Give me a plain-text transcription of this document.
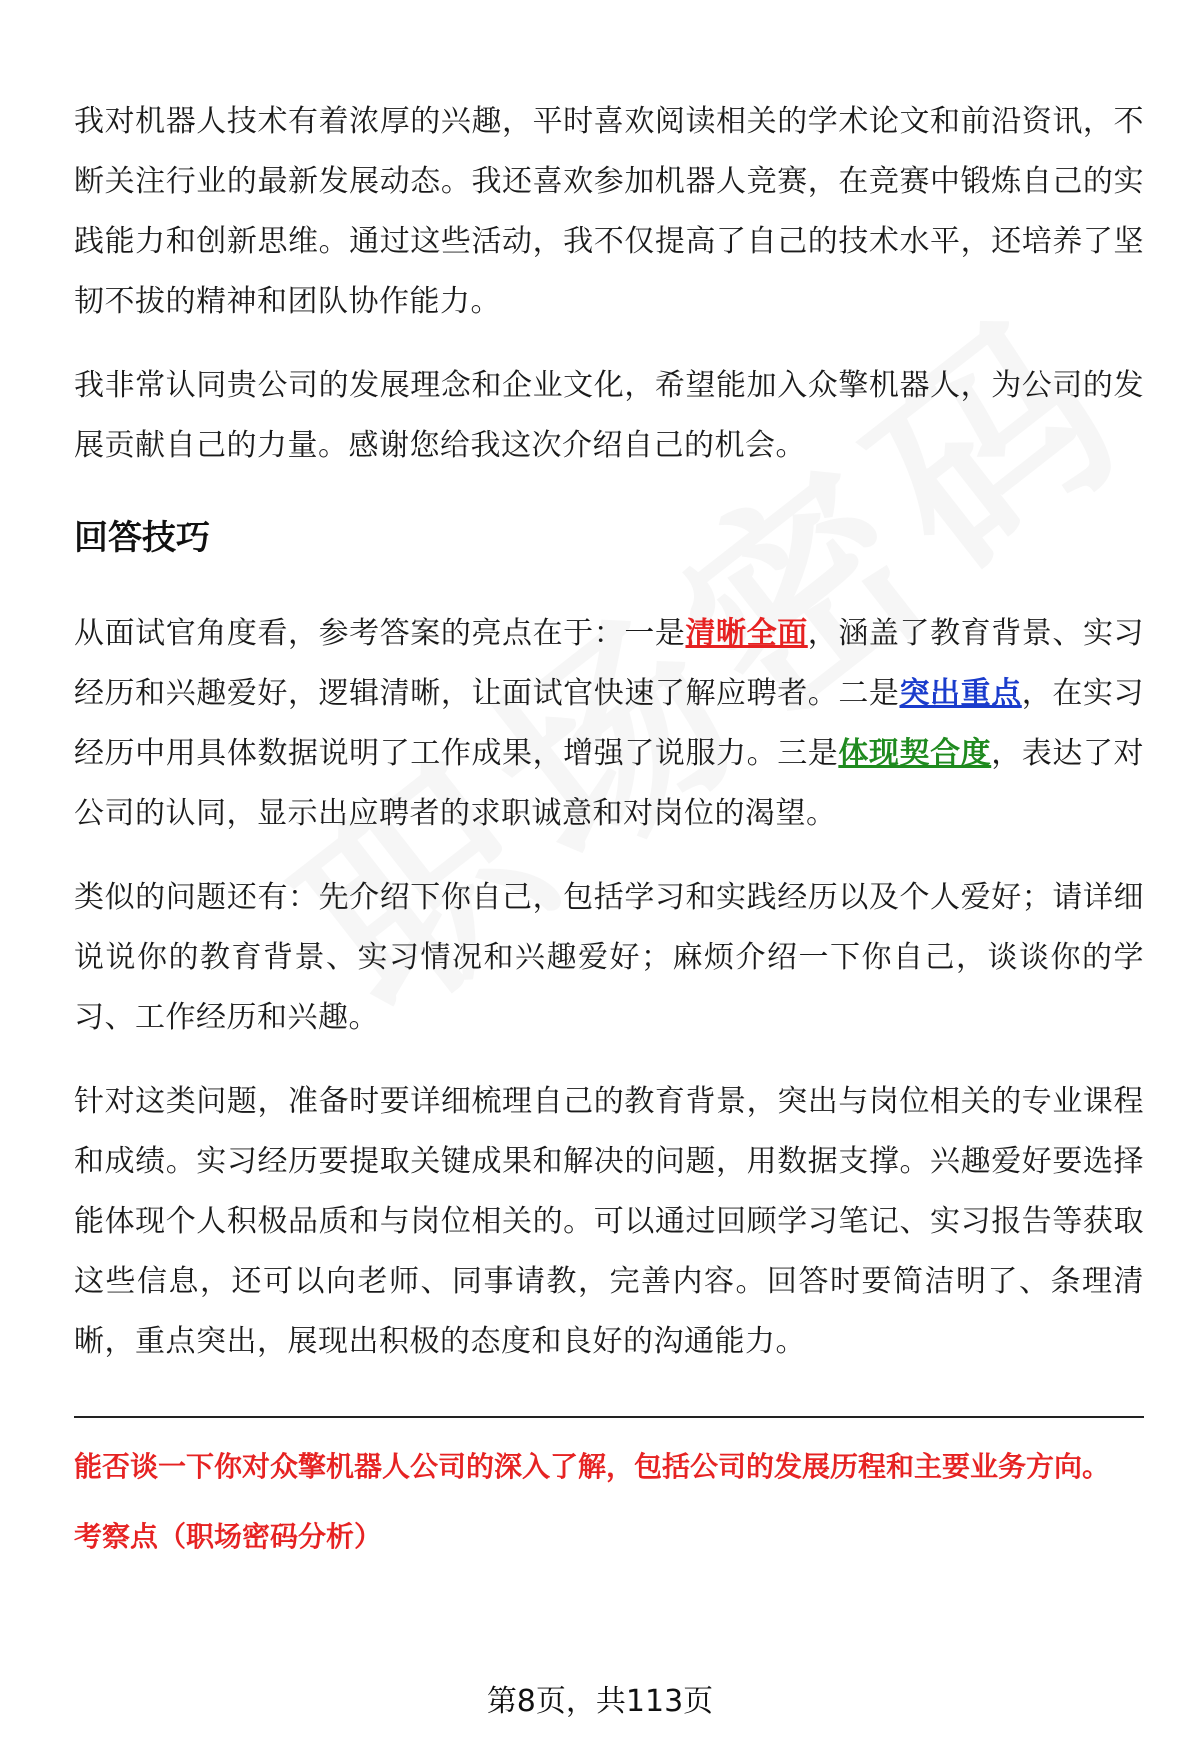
我对机器人技术有着浓厚的兴趣，平时喜欢阅读相关的学术论文和前沿资讯，不断关注行业的最新发展动态。我还喜欢参加机器人竞赛，在竞赛中锻炼自己的实践能力和创新思维。通过这些活动，我不仅提高了自己的技术水平，还培养了坚韧不拔的精神和团队协作能力。

我非常认同贵公司的发展理念和企业文化，希望能加入众擎机器人，为公司的发展贡献自己的力量。感谢您给我这次介绍自己的机会。

回答技巧

从面试官角度看，参考答案的亮点在于：一是清晰全面，涵盖了教育背景、实习经历和兴趣爱好，逻辑清晰，让面试官快速了解应聘者。二是突出重点，在实习经历中用具体数据说明了工作成果，增强了说服力。三是体现契合度，表达了对公司的认同，显示出应聘者的求职诚意和对岗位的渴望。

类似的问题还有：先介绍下你自己，包括学习和实践经历以及个人爱好；请详细说说你的教育背景、实习情况和兴趣爱好；麻烦介绍一下你自己，谈谈你的学习、工作经历和兴趣。

针对这类问题，准备时要详细梳理自己的教育背景，突出与岗位相关的专业课程和成绩。实习经历要提取关键成果和解决的问题，用数据支撑。兴趣爱好要选择能体现个人积极品质和与岗位相关的。可以通过回顾学习笔记、实习报告等获取这些信息，还可以向老师、同事请教，完善内容。回答时要简洁明了、条理清晰，重点突出，展现出积极的态度和良好的沟通能力。

能否谈一下你对众擎机器人公司的深入了解，包括公司的发展历程和主要业务方向。

考察点（职场密码分析）

第8页，共113页
